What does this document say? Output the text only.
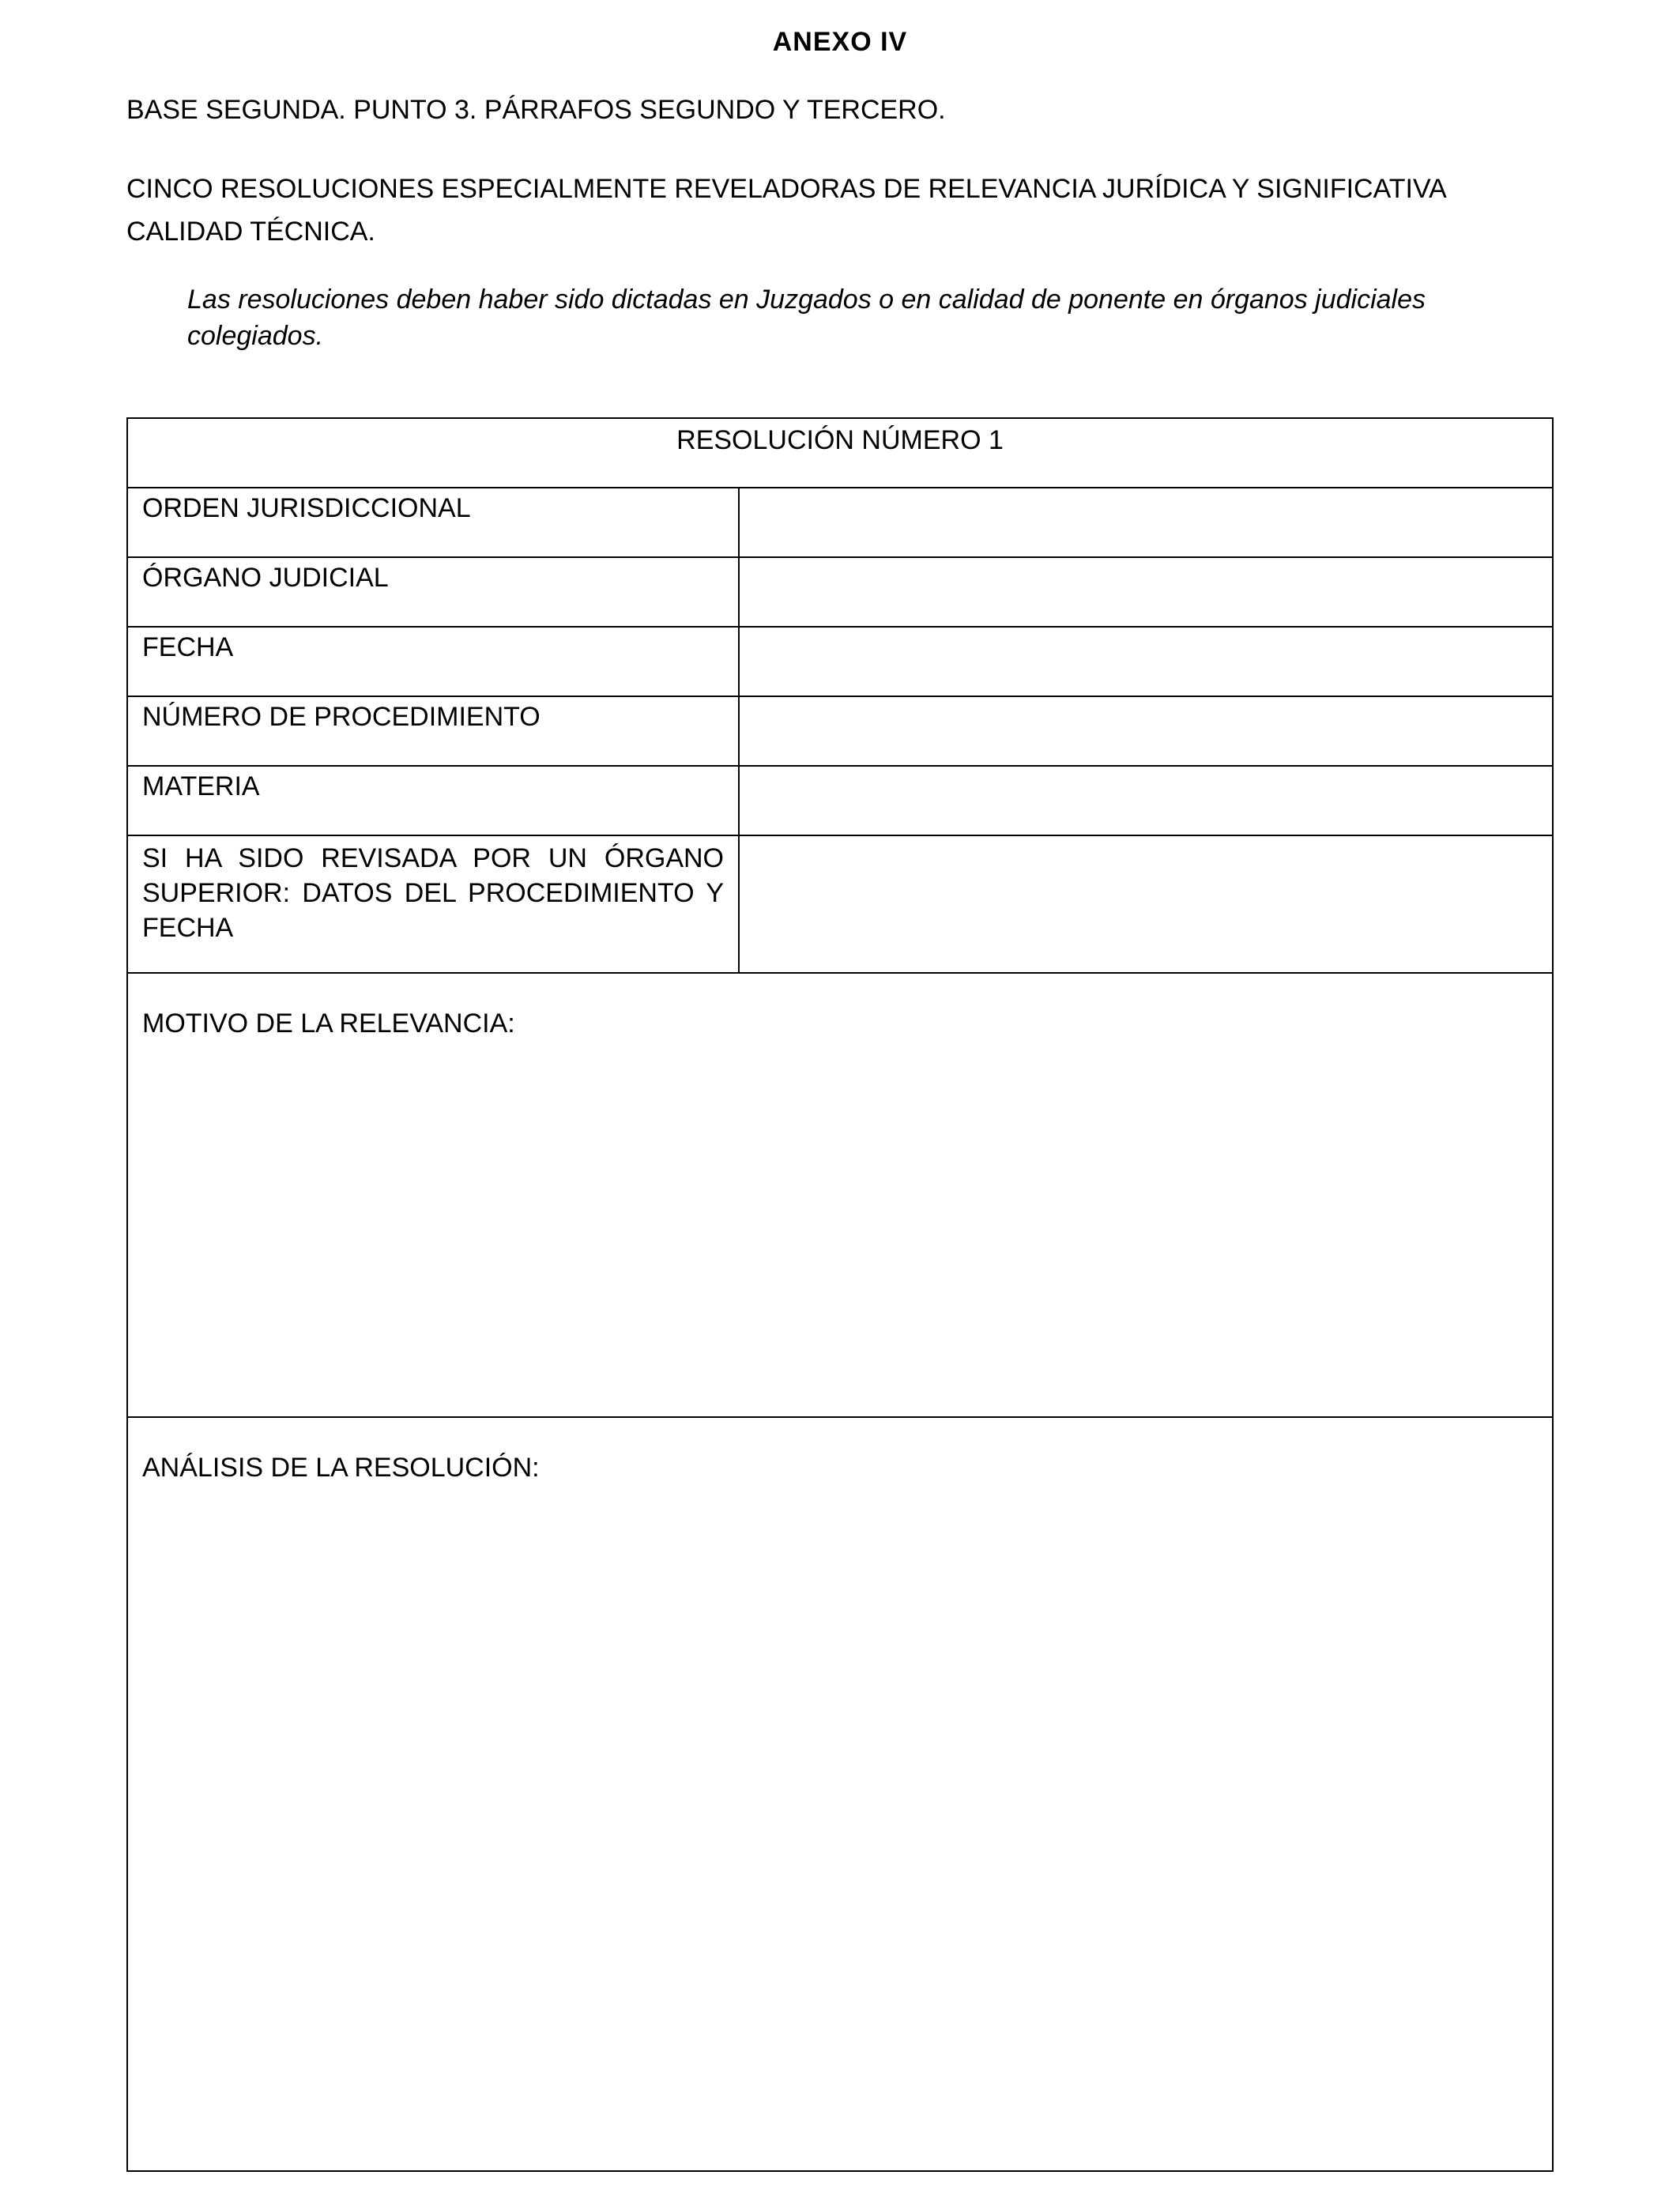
ANEXO IV
BASE SEGUNDA. PUNTO 3. PÁRRAFOS SEGUNDO Y TERCERO.
CINCO RESOLUCIONES ESPECIALMENTE REVELADORAS DE RELEVANCIA JURÍDICA Y SIGNIFICATIVA CALIDAD TÉCNICA.
Las resoluciones deben haber sido dictadas en Juzgados o en calidad de ponente en órganos judiciales colegiados.
RESOLUCIÓN NÚMERO 1	
ORDEN JURISDICCIONAL	
ÓRGANO JUDICIAL	
FECHA	
NÚMERO DE PROCEDIMIENTO	
MATERIA	
SI HA SIDO REVISADA POR UN ÓRGANO SUPERIOR: DATOS DEL PROCEDIMIENTO Y FECHA	

MOTIVO DE LA RELEVANCIA:	

ANÁLISIS DE LA RESOLUCIÓN:	
